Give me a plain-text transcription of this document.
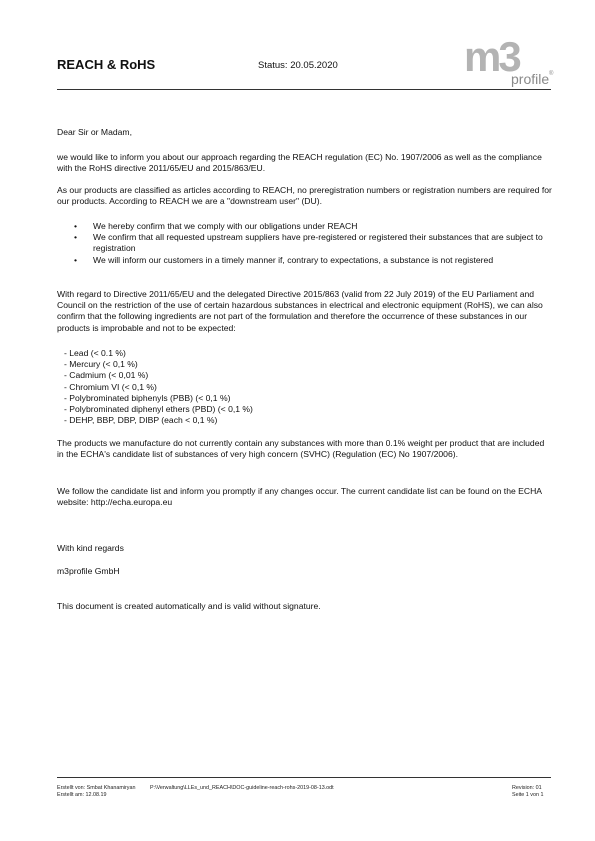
REACH & RoHS	Status: 20.05.2020	m3
profile ®
Dear Sir or Madam,
we would like to inform you about our approach regarding the REACH regulation (EC) No. 1907/2006 as well as the compliance with the RoHS directive 2011/65/EU and 2015/863/EU.
As our products are classified as articles according to REACH, no preregistration numbers or registration numbers are required for our products. According to REACH we are a "downstream user" (DU).
• We hereby confirm that we comply with our obligations under REACH
• We confirm that all requested upstream suppliers have pre-registered or registered their substances that are subject to registration
• We will inform our customers in a timely manner if, contrary to expectations, a substance is not registered
With regard to Directive 2011/65/EU and the delegated Directive 2015/863 (valid from 22 July 2019) of the EU Parliament and Council on the restriction of the use of certain hazardous substances in electrical and electronic equipment (RoHS), we can also confirm that the following ingredients are not part of the formulation and therefore the occurrence of these substances in our products is improbable and not to be expected:
- Lead (< 0.1 %)
- Mercury (< 0,1 %)
- Cadmium (< 0,01 %)
- Chromium VI (< 0,1 %)
- Polybrominated biphenyls (PBB) (< 0,1 %)
- Polybrominated diphenyl ethers (PBD) (< 0,1 %)
- DEHP, BBP, DBP, DIBP (each < 0,1 %)
The products we manufacture do not currently contain any substances with more than 0.1% weight per product that are included in the ECHA's candidate list of substances of very high concern (SVHC) (Regulation (EC) No 1907/2006).
We follow the candidate list and inform you promptly if any changes occur. The current candidate list can be found on the ECHA website: http://echa.europa.eu
With kind regards
m3profile GmbH
This document is created automatically and is valid without signature.
Erstellt von: Smbat Khanamiryan	P:\Verwaltung\LLEs_und_REACH\DOC-guideline-reach-rohs-2019-08-13.odt
Erstellt am: 12.08.19
Revision: 01
Seite 1 von 1
